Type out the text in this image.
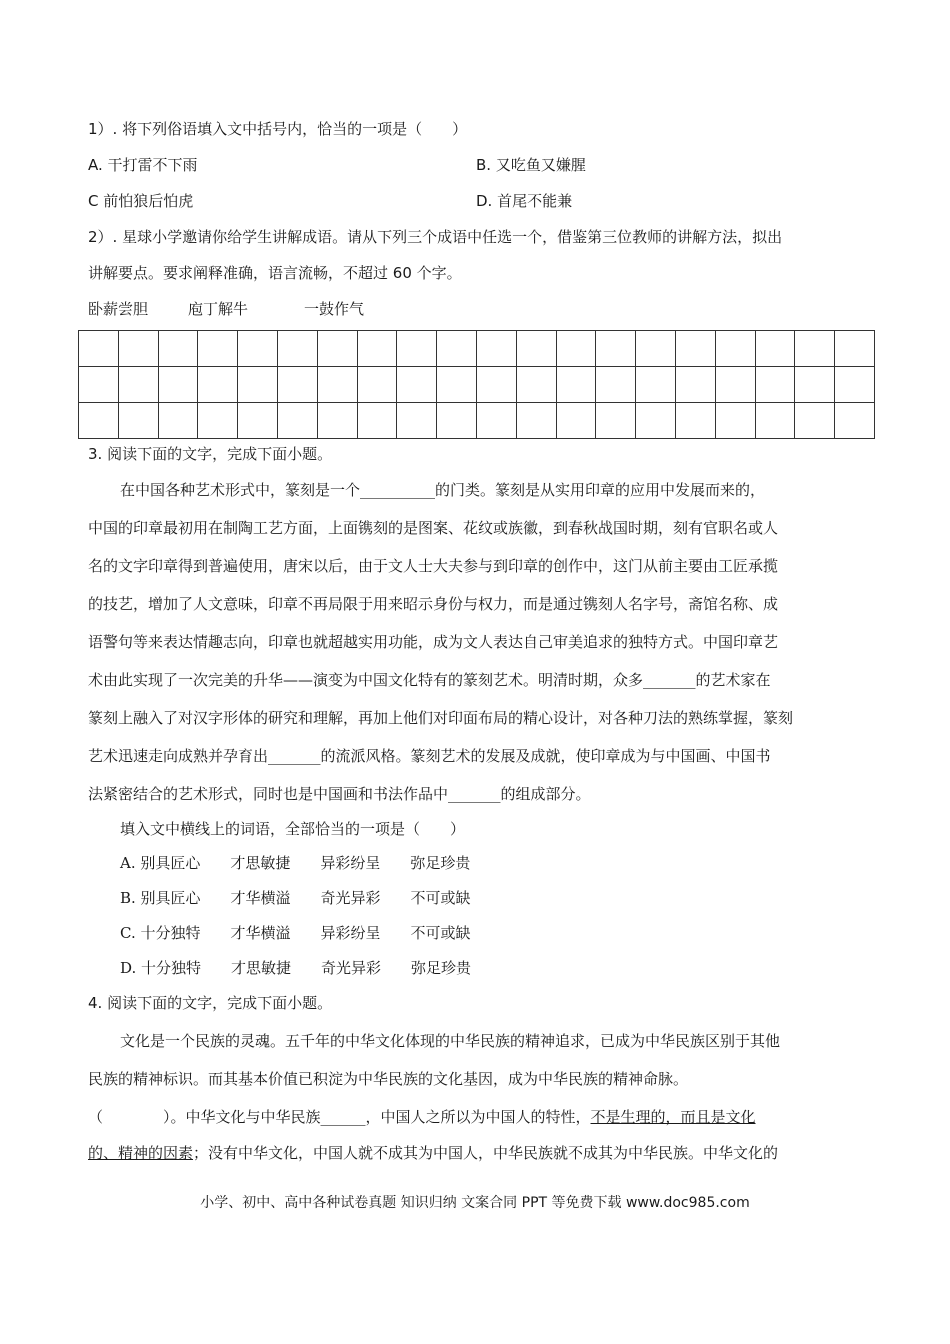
1）. 将下列俗语填入文中括号内，恰当的一项是（　　）
A. 干打雷不下雨	B. 又吃鱼又嫌腥
C 前怕狼后怕虎	D. 首尾不能兼
2）. 星球小学邀请你给学生讲解成语。请从下列三个成语中任选一个，借鉴第三位教师的讲解方法，拟出
讲解要点。要求阐释准确，语言流畅，不超过 60 个字。
卧薪尝胆	庖丁解牛	一鼓作气

3. 阅读下面的文字，完成下面小题。
在中国各种艺术形式中，篆刻是一个__________的门类。篆刻是从实用印章的应用中发展而来的，
中国的印章最初用在制陶工艺方面，上面镌刻的是图案、花纹或族徽，到春秋战国时期，刻有官职名或人
名的文字印章得到普遍使用，唐宋以后，由于文人士大夫参与到印章的创作中，这门从前主要由工匠承揽
的技艺，增加了人文意味，印章不再局限于用来昭示身份与权力，而是通过镌刻人名字号，斋馆名称、成
语警句等来表达情趣志向，印章也就超越实用功能，成为文人表达自己审美追求的独特方式。中国印章艺
术由此实现了一次完美的升华——演变为中国文化特有的篆刻艺术。明清时期，众多_______的艺术家在
篆刻上融入了对汉字形体的研究和理解，再加上他们对印面布局的精心设计，对各种刀法的熟练掌握，篆刻
艺术迅速走向成熟并孕育出_______的流派风格。篆刻艺术的发展及成就，使印章成为与中国画、中国书
法紧密结合的艺术形式，同时也是中国画和书法作品中_______的组成部分。
填入文中横线上的词语，全部恰当的一项是（　　）
A. 别具匠心　　才思敏捷　　异彩纷呈　　弥足珍贵
B. 别具匠心　　才华横溢　　奇光异彩　　不可或缺
C. 十分独特　　才华横溢　　异彩纷呈　　不可或缺
D. 十分独特　　才思敏捷　　奇光异彩　　弥足珍贵
4. 阅读下面的文字，完成下面小题。
文化是一个民族的灵魂。五千年的中华文化体现的中华民族的精神追求，已成为中华民族区别于其他
民族的精神标识。而其基本价值已积淀为中华民族的文化基因，成为中华民族的精神命脉。
（　　　　）。中华文化与中华民族______，中国人之所以为中国人的特性，不是生理的，而且是文化
的、精神的因素；没有中华文化，中国人就不成其为中国人，中华民族就不成其为中华民族。中华文化的
小学、初中、高中各种试卷真题 知识归纳 文案合同 PPT 等免费下载 www.doc985.com
